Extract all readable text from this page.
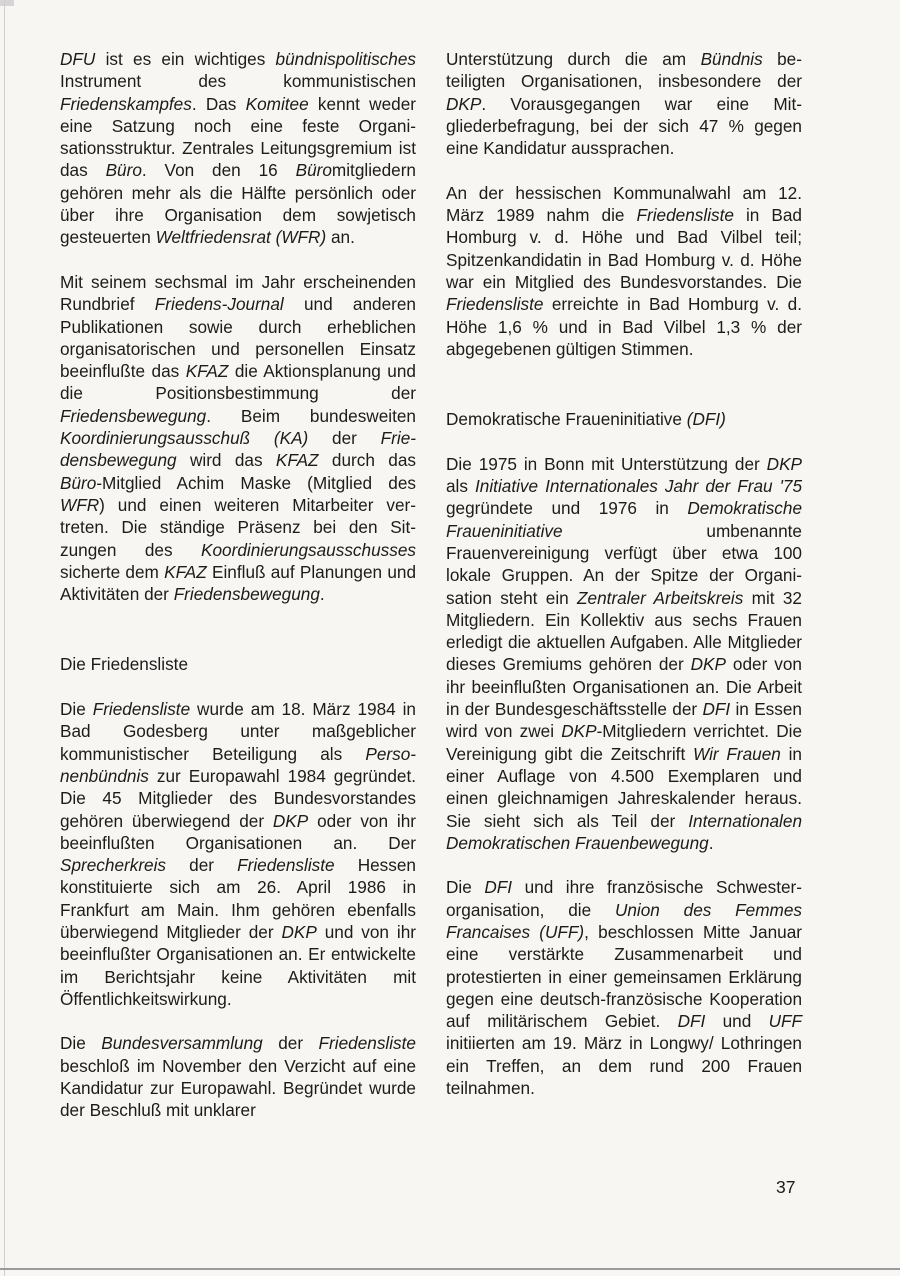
DFU ist es ein wichtiges bündnispolitisches Instrument des kommunistischen Friedenskampfes. Das Komitee kennt weder eine Satzung noch eine feste Organisationsstruktur. Zentrales Leitungsgremium ist das Büro. Von den 16 Büromitgliedern gehören mehr als die Hälfte persönlich oder über ihre Organisation dem sowjetisch gesteuerten Weltfriedensrat (WFR) an.

Mit seinem sechsmal im Jahr erscheinenden Rundbrief Friedens-Journal und anderen Publikationen sowie durch erheblichen organisatorischen und personellen Einsatz beeinflußte das KFAZ die Aktionsplanung und die Positionsbestimmung der Friedensbewegung. Beim bundesweiten Koordinierungsausschuß (KA) der Friedensbewegung wird das KFAZ durch das Büro-Mitglied Achim Maske (Mitglied des WFR) und einen weiteren Mitarbeiter vertreten. Die ständige Präsenz bei den Sitzungen des Koordinierungsausschusses sicherte dem KFAZ Einfluß auf Planungen und Aktivitäten der Friedensbewegung.

Die Friedensliste

Die Friedensliste wurde am 18. März 1984 in Bad Godesberg unter maßgeblicher kommunistischer Beteiligung als Personenbündnis zur Europawahl 1984 gegründet. Die 45 Mitglieder des Bundesvorstandes gehören überwiegend der DKP oder von ihr beeinflußten Organisationen an. Der Sprecherkreis der Friedensliste Hessen konstituierte sich am 26. April 1986 in Frankfurt am Main. Ihm gehören ebenfalls überwiegend Mitglieder der DKP und von ihr beeinflußter Organisationen an. Er entwickelte im Berichtsjahr keine Aktivitäten mit Öffentlichkeitswirkung.

Die Bundesversammlung der Friedensliste beschloß im November den Verzicht auf eine Kandidatur zur Europawahl. Begründet wurde der Beschluß mit unklarer

Unterstützung durch die am Bündnis beteiligten Organisationen, insbesondere der DKP. Vorausgegangen war eine Mitgliederbefragung, bei der sich 47 % gegen eine Kandidatur aussprachen.

An der hessischen Kommunalwahl am 12. März 1989 nahm die Friedensliste in Bad Homburg v. d. Höhe und Bad Vilbel teil; Spitzenkandidatin in Bad Homburg v. d. Höhe war ein Mitglied des Bundesvorstandes. Die Friedensliste erreichte in Bad Homburg v. d. Höhe 1,6 % und in Bad Vilbel 1,3 % der abgegebenen gültigen Stimmen.

Demokratische Fraueninitiative (DFI)

Die 1975 in Bonn mit Unterstützung der DKP als Initiative Internationales Jahr der Frau '75 gegründete und 1976 in Demokratische Fraueninitiative umbenannte Frauenvereinigung verfügt über etwa 100 lokale Gruppen. An der Spitze der Organisation steht ein Zentraler Arbeitskreis mit 32 Mitgliedern. Ein Kollektiv aus sechs Frauen erledigt die aktuellen Aufgaben. Alle Mitglieder dieses Gremiums gehören der DKP oder von ihr beeinflußten Organisationen an. Die Arbeit in der Bundesgeschäftsstelle der DFI in Essen wird von zwei DKP-Mitgliedern verrichtet. Die Vereinigung gibt die Zeitschrift Wir Frauen in einer Auflage von 4.500 Exemplaren und einen gleichnamigen Jahreskalender heraus. Sie sieht sich als Teil der Internationalen Demokratischen Frauenbewegung.

Die DFI und ihre französische Schwesterorganisation, die Union des Femmes Francaises (UFF), beschlossen Mitte Januar eine verstärkte Zusammenarbeit und protestierten in einer gemeinsamen Erklärung gegen eine deutsch-französische Kooperation auf militärischem Gebiet. DFI und UFF initiierten am 19. März in Longwy/ Lothringen ein Treffen, an dem rund 200 Frauen teilnahmen.

37
